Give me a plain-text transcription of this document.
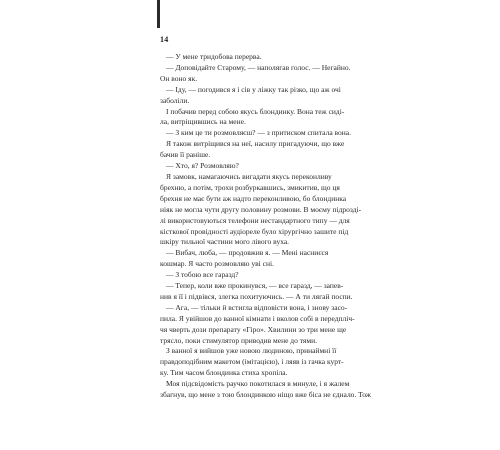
14

— У мене тридобова перерва.

— Доповідайте Старому, — наполягав голос. — Негайно.

Он воно як.

— Іду, — погодився я і сів у ліжку так різко, що аж очі

заболіли.

І побачив перед собою якусь блондинку. Вона теж сиді-

ла, витріщившись на мене.

— З ким це ти розмовляєш? — з притиском спитала вона.

Я також витріщився на неї, насилу пригадуючи, що вже

бачив її раніше.

— Хто, я? Розмовляю?

Я замовк, намагаючись вигадати якусь переконливу

брехню, а потім, трохи розбуркавшись, змикитив, що ця

брехня не має бути аж надто переконливою, бо блондинка

ніяк не могла чути другу половину розмови. В моєму підрозді-

лі використовуються телефони нестандартного типу — для

кісткової провідності аудіореле було хірургічно зашите під

шкіру тильної частини мого лівого вуха.

— Вибач, люба, — продовжив я. — Мені насниєся

кошмар. Я часто розмовляю уві сні.

— З тобою все гаразд?

— Тепер, коли вже прокинувся, — все гаразд, — запев-

нив я її і підвівся, злегка похитуючись. — А ти лягай поспи.

— Ага, — тільки й встигла відповісти вона, і знову засо-

пила. Я увійшов до ванної кімнати і вколов собі в передпліч-

чя чверть дози препарату «Гіро». Хвилини зо три мене ще

трясло, поки стимулятор приводив мене до тями.

З ванної я вийшов уже новою людиною, принаймні її

правдоподібним макетом (імітацією), і ляяв із гачка курт-

ку. Тим часом блондинка стиха хропіла.

Моя підсвідомість раучко покотилася в минуле, і я жалем

збагнув, що мене з тою блондинкою ніщо вже біса не єднало. Тож
